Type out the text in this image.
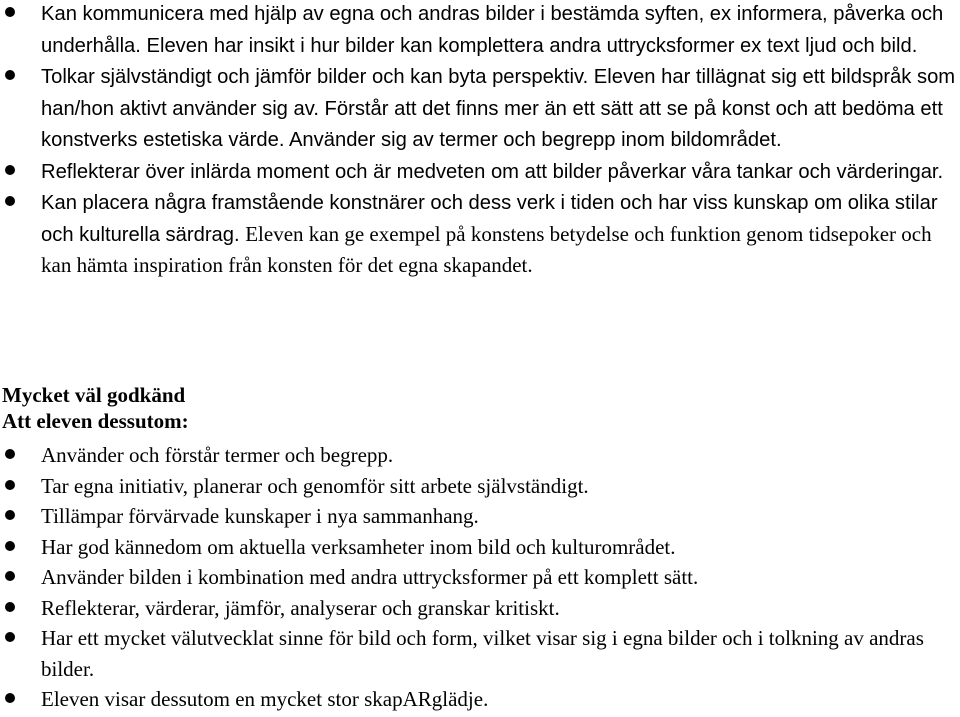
Kan kommunicera med hjälp av egna och andras bilder i bestämda syften, ex informera, påverka och underhålla. Eleven har insikt i hur bilder kan komplettera andra uttrycksformer ex text ljud och bild.
Tolkar självständigt och jämför bilder och kan byta perspektiv. Eleven har tillägnat sig ett bildspråk som han/hon aktivt använder sig av. Förstår att det finns mer än ett sätt att se på konst och att bedöma ett konstverks estetiska värde. Använder sig av termer och begrepp inom bildområdet.
Reflekterar över inlärda moment och är medveten om att bilder påverkar våra tankar och värderingar.
Kan placera några framstående konstnärer och dess verk i tiden och har viss kunskap om olika stilar och kulturella särdrag. Eleven kan ge exempel på konstens betydelse och funktion genom tidsepoker och kan hämta inspiration från konsten för det egna skapandet.
Mycket väl godkänd
Att eleven dessutom:
Använder och förstår termer och begrepp.
Tar egna initiativ, planerar och genomför sitt arbete självständigt.
Tillämpar förvärvade kunskaper i nya sammanhang.
Har god kännedom om aktuella verksamheter inom bild och kulturområdet.
Använder bilden i kombination med andra uttrycksformer på ett komplett sätt.
Reflekterar, värderar, jämför, analyserar och granskar kritiskt.
Har ett mycket välutvecklat sinne för bild och form, vilket visar sig i egna bilder och i tolkning av andras bilder.
Eleven visar dessutom en mycket stor skapARglädje.
